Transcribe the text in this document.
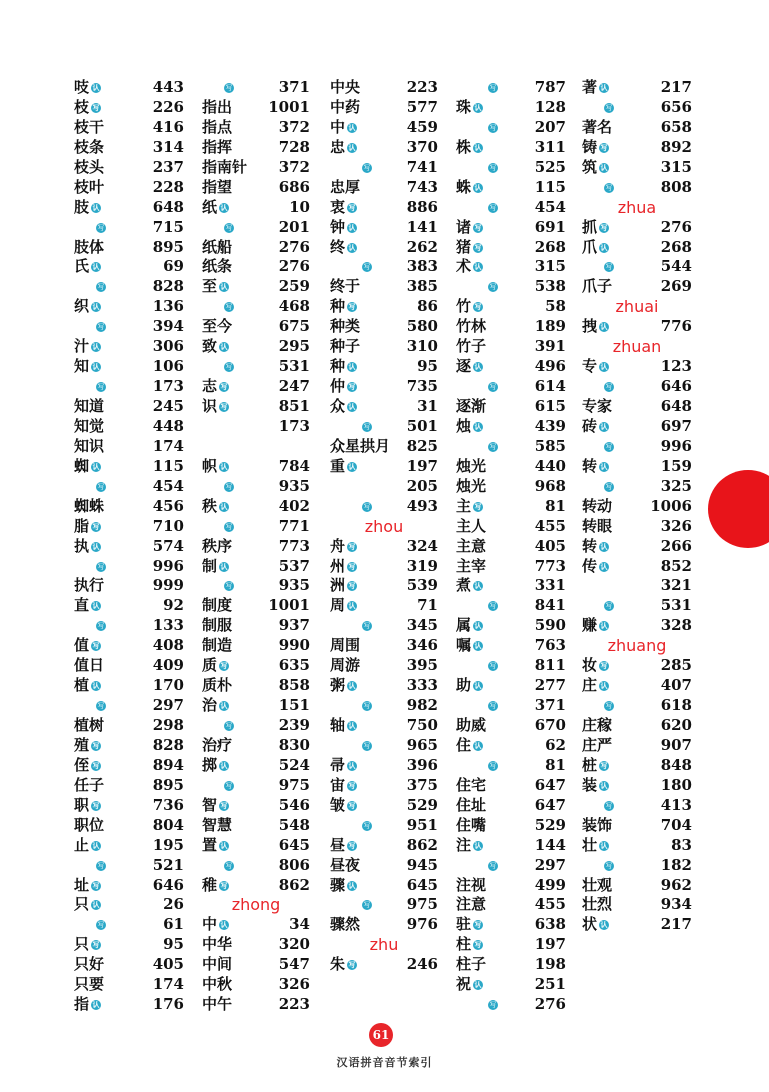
吱 认	443
枝 写	226
枝干	416
枝条	314
枝头	237
枝叶	228
肢 认	648
写	715
肢体	895
氏 认	69
写	828
织 认	136
写	394
汁 认	306
知 认	106
写	173
知道	245
知觉	448
知识	174
蜘 认	115
写	454
蜘蛛	456
脂 写	710
执 认	574
写	996
执行	999
直 认	92
写	133
值 写	408
值日	409
植 认	170
写	297
植树	298
殖 写	828
侄 写	894
任子	895
职 写	736
职位	804
止 认	195
写	521
址 写	646
只 认	26
写	61
只 写	95
只好	405
只要	174
指 认	176
写	371
指出 1001
指点	372
指挥	728
指南针 372
指望	686
纸 认	10
写	201
纸船	276
纸条	276
至 认	259
写	468
至今	675
致 认	295
写	531
志 写	247
识 写	851
173
帜 认	784
写	935
秩 认	402
写	771
秩序	773
制 认	537
写	935
制度 1001
制服	937
制造	990
质 写	635
质朴	858
治 认	151
写	239
治疗	830
掷 认	524
写	975
智 写	546
智慧	548
置 认	645
写	806
稚 写	862
zhong
中 认	34
中华	320
中间	547
中秋	326
中午	223
中央	223
中药	577
中 认	459
忠 认	370
写 741
忠厚	743
衷 写	886
钟 认	141
终 认	262
写 383
终于	385
种 写	86
种类	580
种子	310
种 认	95
仲 写	735
众 认	31
写 501
众星拱月 825
重 认	197
205
写 493
zhou
舟 写	324
州 写	319
洲 写	539
周 认	71
写 345
周围	346
周游	395
粥 认	333
写 982
轴 认	750
写 965
帚 认	396
宙 写	375
皱 写	529
写 951
昼 写	862
昼夜	945
骤 认	645
写 975
骤然	976
zhu
朱 写	246
写	787
珠 认	128
写	207
株 认	311
写	525
蛛 认	115
写	454
诸 写	691
猪 写	268
术 认	315
写	538
竹 写	58
竹林	189
竹子	391
逐 认	496
写	614
逐渐	615
烛 认	439
写	585
烛光	440
烛光	968
主 写	81
主人	455
主意	405
主宰	773
煮 认	331
写	841
属 认	590
嘱 认	763
写	811
助 认	277
写	371
助威	670
住 认	62
写	81
住宅	647
住址	647
住嘴	529
注 认	144
写	297
注视	499
注意	455
驻 写	638
柱 写	197
柱子	198
祝 认	251
写	276
著 认	217
写	656
著名	658
铸 写	892
筑 认	315
写	808
zhua
抓 写	276
爪 认	268
写	544
爪子	269
zhuai
拽 认	776
zhuan
专 认	123
写	646
专家	648
砖 认	697
写	996
转 认	159
写	325
转动	1006
转眼	326
转 认	266
传 认	852
321
写	531
赚 认	328
zhuang
妆 写	285
庄 认	407
写	618
庄稼	620
庄严	907
桩 写	848
装 认	180
写	413
装饰	704
壮 认	83
写	182
壮观	962
壮烈	934
状 认	217
61
汉语拼音音节索引
